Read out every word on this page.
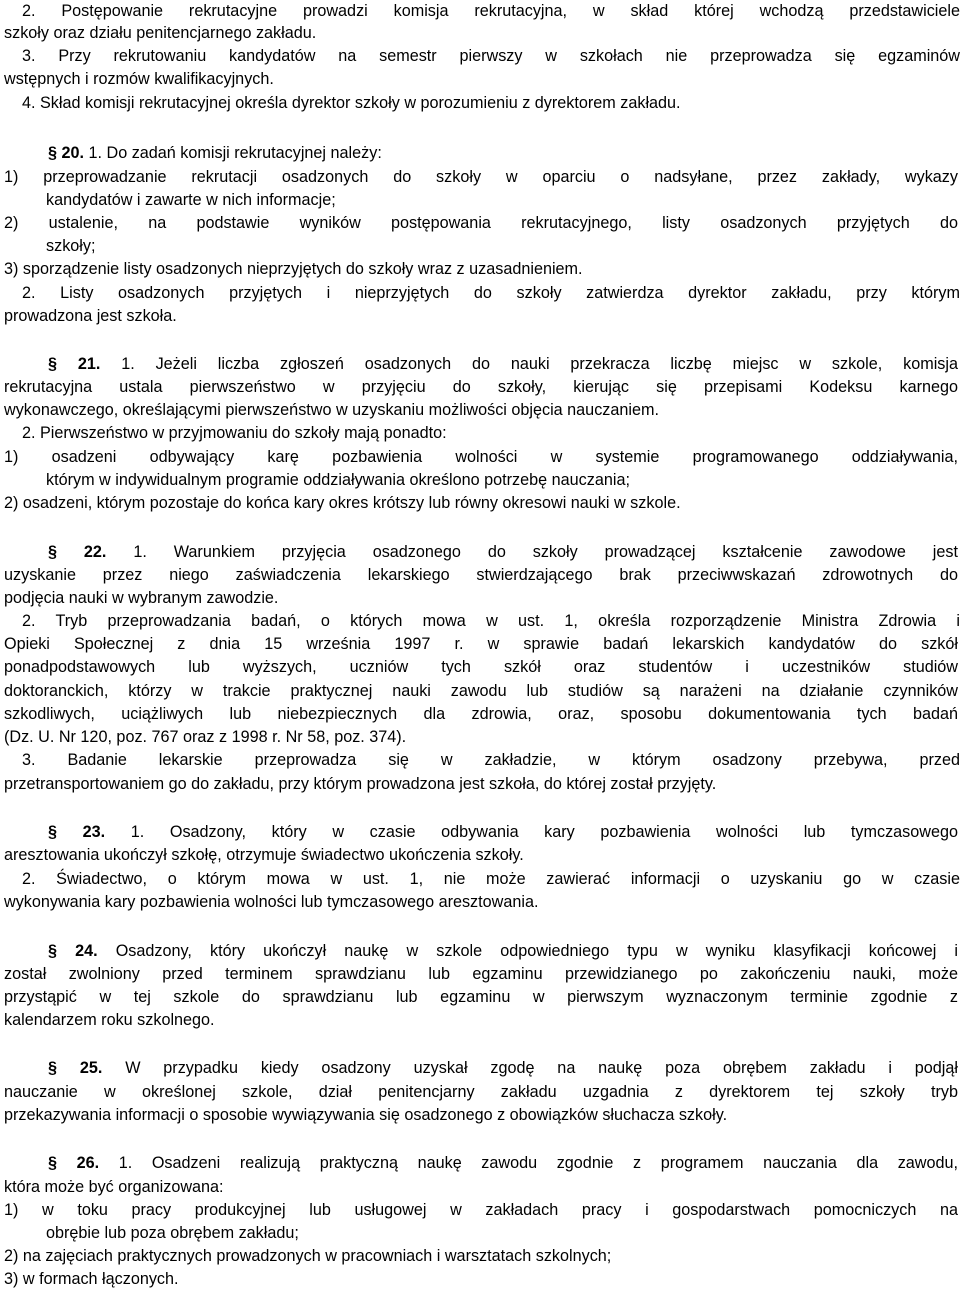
2. Postępowanie rekrutacyjne prowadzi komisja rekrutacyjna, w skład której wchodzą przedstawiciele
szkoły oraz działu penitencjarnego zakładu.
3. Przy rekrutowaniu kandydatów na semestr pierwszy w szkołach nie przeprowadza się egzaminów
wstępnych i rozmów kwalifikacyjnych.
4. Skład komisji rekrutacyjnej określa dyrektor szkoły w porozumieniu z dyrektorem zakładu.
§ 20. 1. Do zadań komisji rekrutacyjnej należy:
1) przeprowadzanie rekrutacji osadzonych do szkoły w oparciu o nadsyłane, przez zakłady, wykazy
kandydatów i zawarte w nich informacje;
2) ustalenie, na podstawie wyników postępowania rekrutacyjnego, listy osadzonych przyjętych do
szkoły;
3) sporządzenie listy osadzonych nieprzyjętych do szkoły wraz z uzasadnieniem.
2. Listy osadzonych przyjętych i nieprzyjętych do szkoły zatwierdza dyrektor zakładu, przy którym
prowadzona jest szkoła.
§ 21. 1. Jeżeli liczba zgłoszeń osadzonych do nauki przekracza liczbę miejsc w szkole, komisja
rekrutacyjna ustala pierwszeństwo w przyjęciu do szkoły, kierując się przepisami Kodeksu karnego
wykonawczego, określającymi pierwszeństwo w uzyskaniu możliwości objęcia nauczaniem.
2. Pierwszeństwo w przyjmowaniu do szkoły mają ponadto:
1) osadzeni odbywający karę pozbawienia wolności w systemie programowanego oddziaływania,
którym w indywidualnym programie oddziaływania określono potrzebę nauczania;
2) osadzeni, którym pozostaje do końca kary okres krótszy lub równy okresowi nauki w szkole.
§ 22. 1. Warunkiem przyjęcia osadzonego do szkoły prowadzącej kształcenie zawodowe jest
uzyskanie przez niego zaświadczenia lekarskiego stwierdzającego brak przeciwwskazań zdrowotnych do
podjęcia nauki w wybranym zawodzie.
2. Tryb przeprowadzania badań, o których mowa w ust. 1, określa rozporządzenie Ministra Zdrowia i
Opieki Społecznej z dnia 15 września 1997 r. w sprawie badań lekarskich kandydatów do szkół
ponadpodstawowych lub wyższych, uczniów tych szkół oraz studentów i uczestników studiów
doktoranckich, którzy w trakcie praktycznej nauki zawodu lub studiów są narażeni na działanie czynników
szkodliwych, uciążliwych lub niebezpiecznych dla zdrowia, oraz, sposobu dokumentowania tych badań
(Dz. U. Nr 120, poz. 767 oraz z 1998 r. Nr 58, poz. 374).
3. Badanie lekarskie przeprowadza się w zakładzie, w którym osadzony przebywa, przed
przetransportowaniem go do zakładu, przy którym prowadzona jest szkoła, do której został przyjęty.
§ 23. 1. Osadzony, który w czasie odbywania kary pozbawienia wolności lub tymczasowego
aresztowania ukończył szkołę, otrzymuje świadectwo ukończenia szkoły.
2. Świadectwo, o którym mowa w ust. 1, nie może zawierać informacji o uzyskaniu go w czasie
wykonywania kary pozbawienia wolności lub tymczasowego aresztowania.
§ 24. Osadzony, który ukończył naukę w szkole odpowiedniego typu w wyniku klasyfikacji końcowej i
został zwolniony przed terminem sprawdzianu lub egzaminu przewidzianego po zakończeniu nauki, może
przystąpić w tej szkole do sprawdzianu lub egzaminu w pierwszym wyznaczonym terminie zgodnie z
kalendarzem roku szkolnego.
§ 25. W przypadku kiedy osadzony uzyskał zgodę na naukę poza obrębem zakładu i podjął
nauczanie w określonej szkole, dział penitencjarny zakładu uzgadnia z dyrektorem tej szkoły tryb
przekazywania informacji o sposobie wywiązywania się osadzonego z obowiązków słuchacza szkoły.
§ 26. 1. Osadzeni realizują praktyczną naukę zawodu zgodnie z programem nauczania dla zawodu,
która może być organizowana:
1) w toku pracy produkcyjnej lub usługowej w zakładach pracy i gospodarstwach pomocniczych na
obrębie lub poza obrębem zakładu;
2) na zajęciach praktycznych prowadzonych w pracowniach i warsztatach szkolnych;
3) w formach łączonych.
